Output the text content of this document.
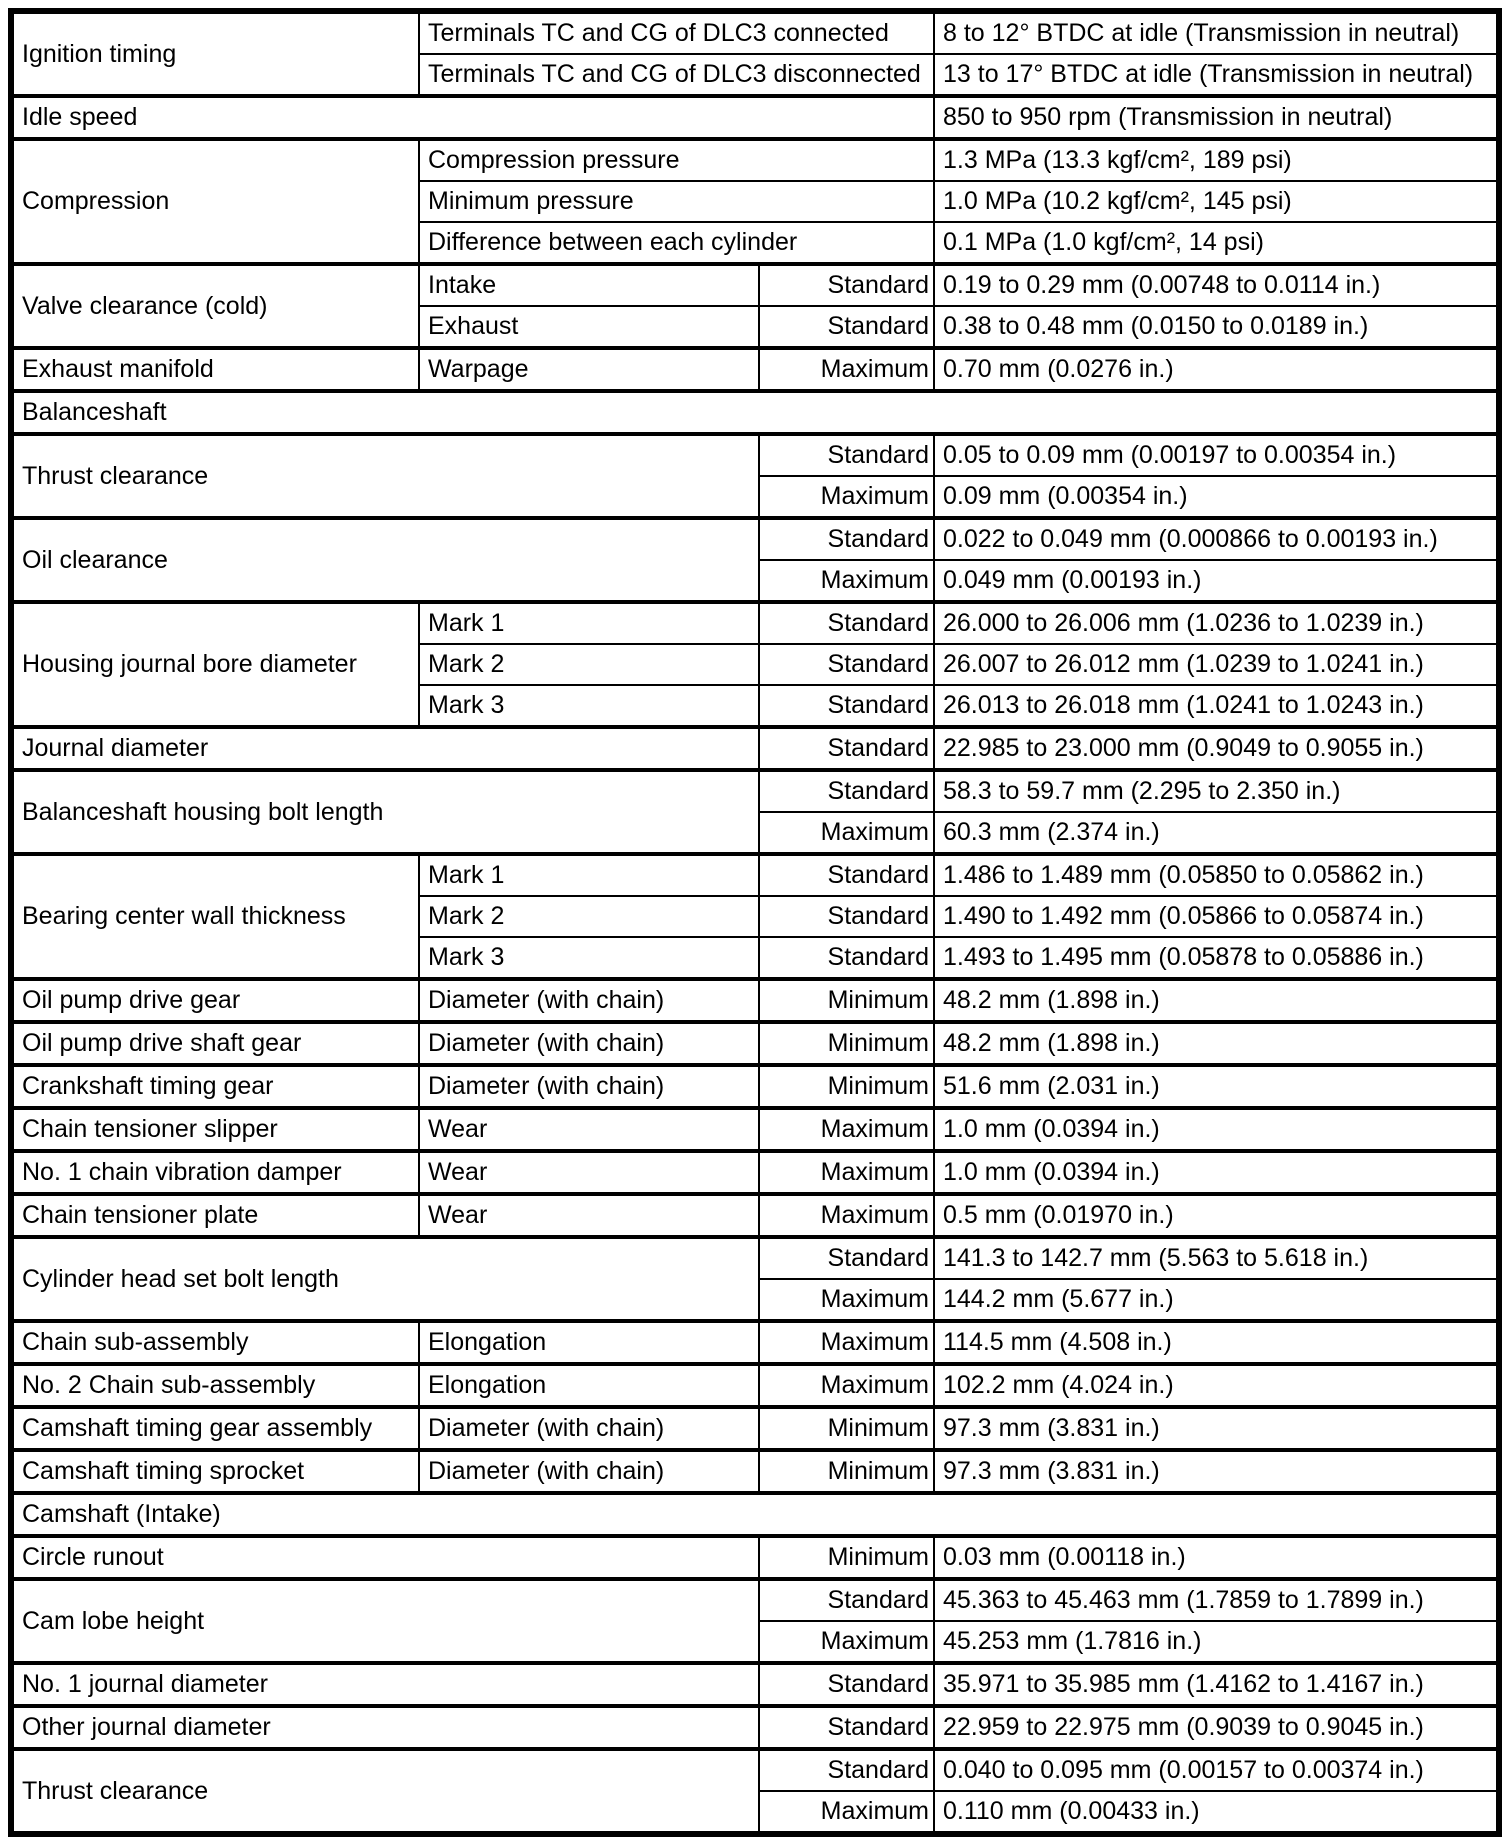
Ignition timing	Terminals TC and CG of DLC3 connected		8 to 12° BTDC at idle (Transmission in neutral)
	Terminals TC and CG of DLC3 disconnected		13 to 17° BTDC at idle (Transmission in neutral)
Idle speed			850 to 950 rpm (Transmission in neutral)
Compression	Compression pressure		1.3 MPa (13.3 kgf/cm², 189 psi)
	Minimum pressure		1.0 MPa (10.2 kgf/cm², 145 psi)
	Difference between each cylinder		0.1 MPa (1.0 kgf/cm², 14 psi)
Valve clearance (cold)	Intake	Standard	0.19 to 0.29 mm (0.00748 to 0.0114 in.)
	Exhaust	Standard	0.38 to 0.48 mm (0.0150 to 0.0189 in.)
Exhaust manifold	Warpage	Maximum	0.70 mm (0.0276 in.)
Balanceshaft			
Thrust clearance		Standard	0.05 to 0.09 mm (0.00197 to 0.00354 in.)
		Maximum	0.09 mm (0.00354 in.)
Oil clearance		Standard	0.022 to 0.049 mm (0.000866 to 0.00193 in.)
		Maximum	0.049 mm (0.00193 in.)
Housing journal bore diameter	Mark 1	Standard	26.000 to 26.006 mm (1.0236 to 1.0239 in.)
	Mark 2	Standard	26.007 to 26.012 mm (1.0239 to 1.0241 in.)
	Mark 3	Standard	26.013 to 26.018 mm (1.0241 to 1.0243 in.)
Journal diameter		Standard	22.985 to 23.000 mm (0.9049 to 0.9055 in.)
Balanceshaft housing bolt length		Standard	58.3 to 59.7 mm (2.295 to 2.350 in.)
		Maximum	60.3 mm (2.374 in.)
Bearing center wall thickness	Mark 1	Standard	1.486 to 1.489 mm (0.05850 to 0.05862 in.)
	Mark 2	Standard	1.490 to 1.492 mm (0.05866 to 0.05874 in.)
	Mark 3	Standard	1.493 to 1.495 mm (0.05878 to 0.05886 in.)
Oil pump drive gear	Diameter (with chain)	Minimum	48.2 mm (1.898 in.)
Oil pump drive shaft gear	Diameter (with chain)	Minimum	48.2 mm (1.898 in.)
Crankshaft timing gear	Diameter (with chain)	Minimum	51.6 mm (2.031 in.)
Chain tensioner slipper	Wear	Maximum	1.0 mm (0.0394 in.)
No. 1 chain vibration damper	Wear	Maximum	1.0 mm (0.0394 in.)
Chain tensioner plate	Wear	Maximum	0.5 mm (0.01970 in.)
Cylinder head set bolt length		Standard	141.3 to 142.7 mm (5.563 to 5.618 in.)
		Maximum	144.2 mm (5.677 in.)
Chain sub-assembly	Elongation	Maximum	114.5 mm (4.508 in.)
No. 2 Chain sub-assembly	Elongation	Maximum	102.2 mm (4.024 in.)
Camshaft timing gear assembly	Diameter (with chain)	Minimum	97.3 mm (3.831 in.)
Camshaft timing sprocket	Diameter (with chain)	Minimum	97.3 mm (3.831 in.)
Camshaft (Intake)			
Circle runout		Minimum	0.03 mm (0.00118 in.)
Cam lobe height		Standard	45.363 to 45.463 mm (1.7859 to 1.7899 in.)
		Maximum	45.253 mm (1.7816 in.)
No. 1 journal diameter		Standard	35.971 to 35.985 mm (1.4162 to 1.4167 in.)
Other journal diameter		Standard	22.959 to 22.975 mm (0.9039 to 0.9045 in.)
Thrust clearance		Standard	0.040 to 0.095 mm (0.00157 to 0.00374 in.)
		Maximum	0.110 mm (0.00433 in.)
